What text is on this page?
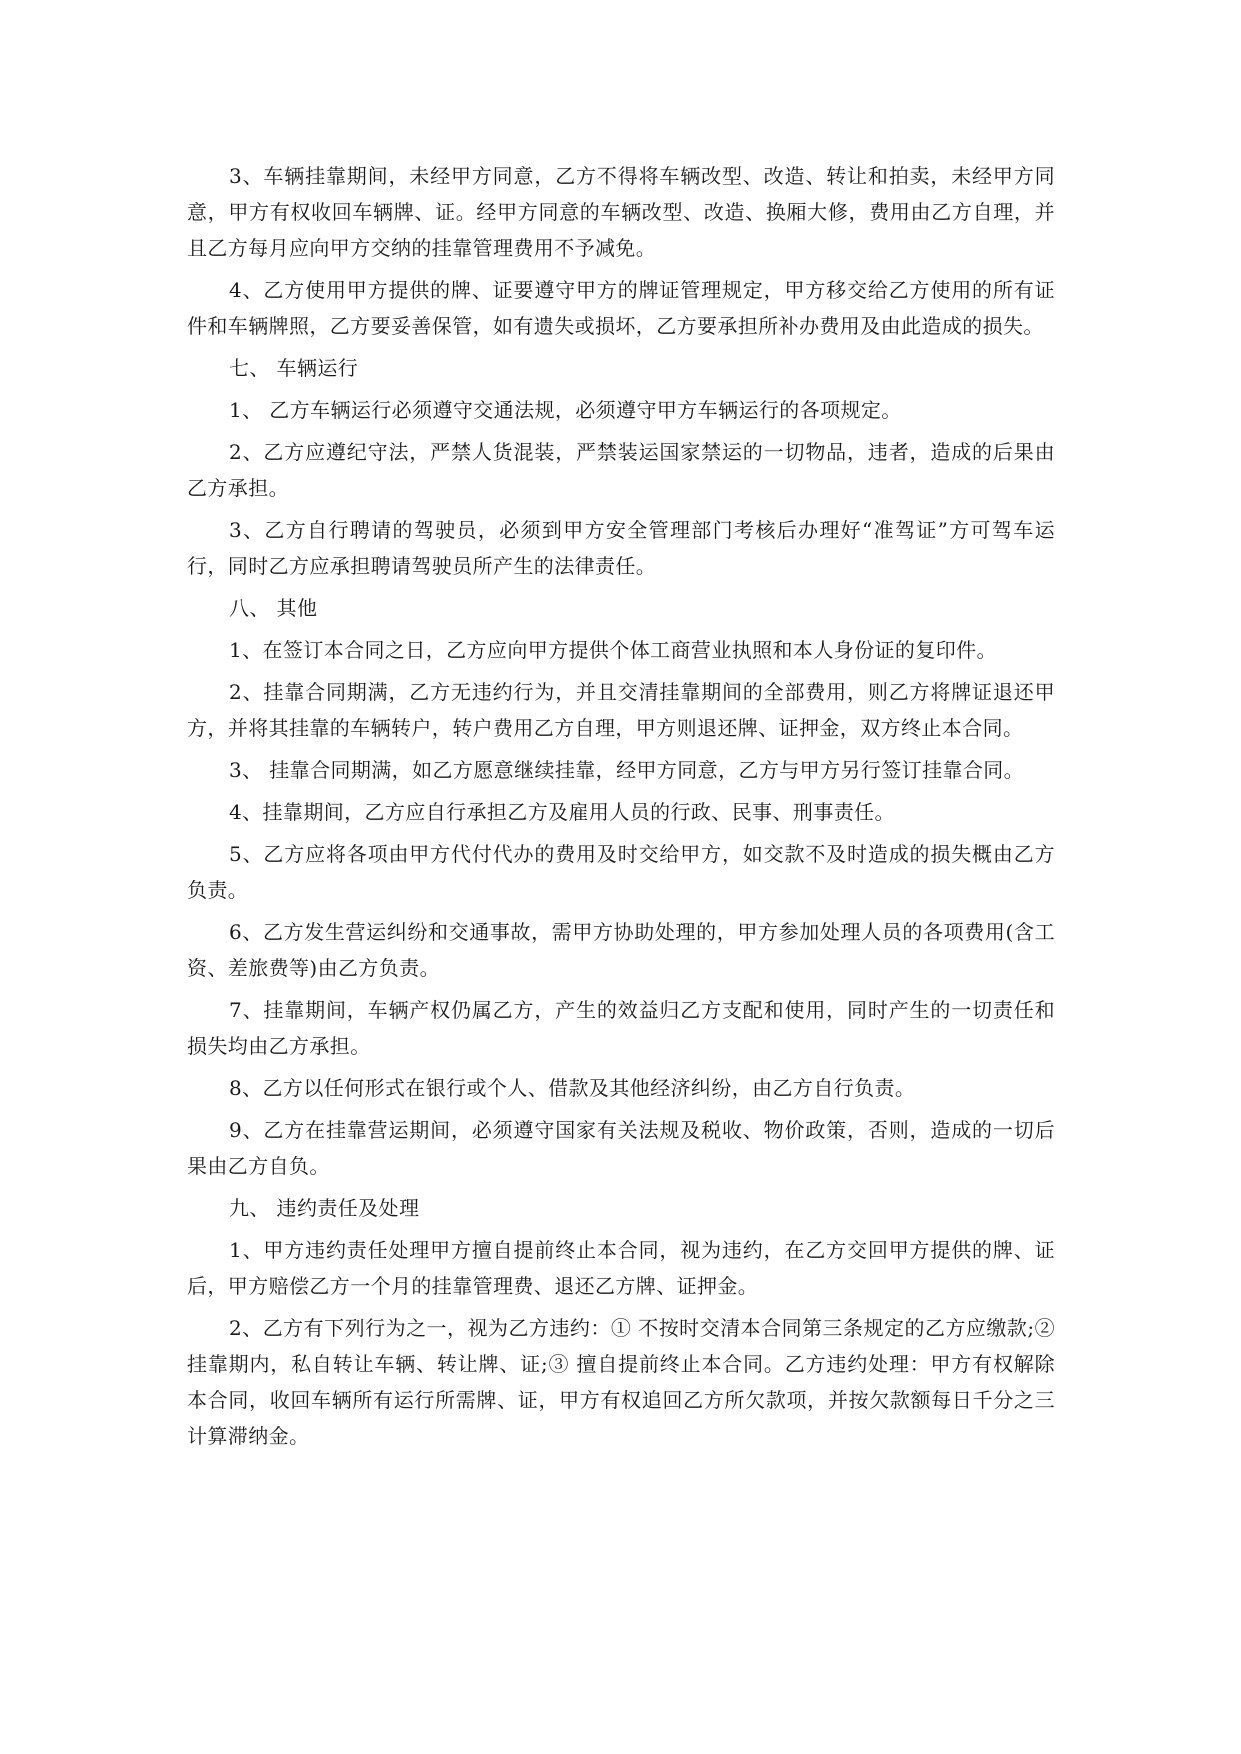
3、车辆挂靠期间，未经甲方同意，乙方不得将车辆改型、改造、转让和拍卖，未经甲方同意，甲方有权收回车辆牌、证。经甲方同意的车辆改型、改造、换厢大修，费用由乙方自理，并且乙方每月应向甲方交纳的挂靠管理费用不予减免。

4、乙方使用甲方提供的牌、证要遵守甲方的牌证管理规定，甲方移交给乙方使用的所有证件和车辆牌照，乙方要妥善保管，如有遗失或损坏，乙方要承担所补办费用及由此造成的损失。

七、 车辆运行

1、 乙方车辆运行必须遵守交通法规，必须遵守甲方车辆运行的各项规定。

2、乙方应遵纪守法，严禁人货混装，严禁装运国家禁运的一切物品，违者，造成的后果由乙方承担。

3、乙方自行聘请的驾驶员，必须到甲方安全管理部门考核后办理好“准驾证”方可驾车运行，同时乙方应承担聘请驾驶员所产生的法律责任。

八、 其他

1、在签订本合同之日，乙方应向甲方提供个体工商营业执照和本人身份证的复印件。

2、挂靠合同期满，乙方无违约行为，并且交清挂靠期间的全部费用，则乙方将牌证退还甲方，并将其挂靠的车辆转户，转户费用乙方自理，甲方则退还牌、证押金，双方终止本合同。

3、 挂靠合同期满，如乙方愿意继续挂靠，经甲方同意，乙方与甲方另行签订挂靠合同。

4、挂靠期间，乙方应自行承担乙方及雇用人员的行政、民事、刑事责任。

5、乙方应将各项由甲方代付代办的费用及时交给甲方，如交款不及时造成的损失概由乙方负责。

6、乙方发生营运纠纷和交通事故，需甲方协助处理的，甲方参加处理人员的各项费用(含工资、差旅费等)由乙方负责。

7、挂靠期间，车辆产权仍属乙方，产生的效益归乙方支配和使用，同时产生的一切责任和损失均由乙方承担。

8、乙方以任何形式在银行或个人、借款及其他经济纠纷，由乙方自行负责。

9、乙方在挂靠营运期间，必须遵守国家有关法规及税收、物价政策，否则，造成的一切后果由乙方自负。

九、 违约责任及处理

1、甲方违约责任处理甲方擅自提前终止本合同，视为违约，在乙方交回甲方提供的牌、证后，甲方赔偿乙方一个月的挂靠管理费、退还乙方牌、证押金。

2、乙方有下列行为之一，视为乙方违约：① 不按时交清本合同第三条规定的乙方应缴款;② 挂靠期内，私自转让车辆、转让牌、证;③ 擅自提前终止本合同。乙方违约处理：甲方有权解除本合同，收回车辆所有运行所需牌、证，甲方有权追回乙方所欠款项，并按欠款额每日千分之三计算滞纳金。
